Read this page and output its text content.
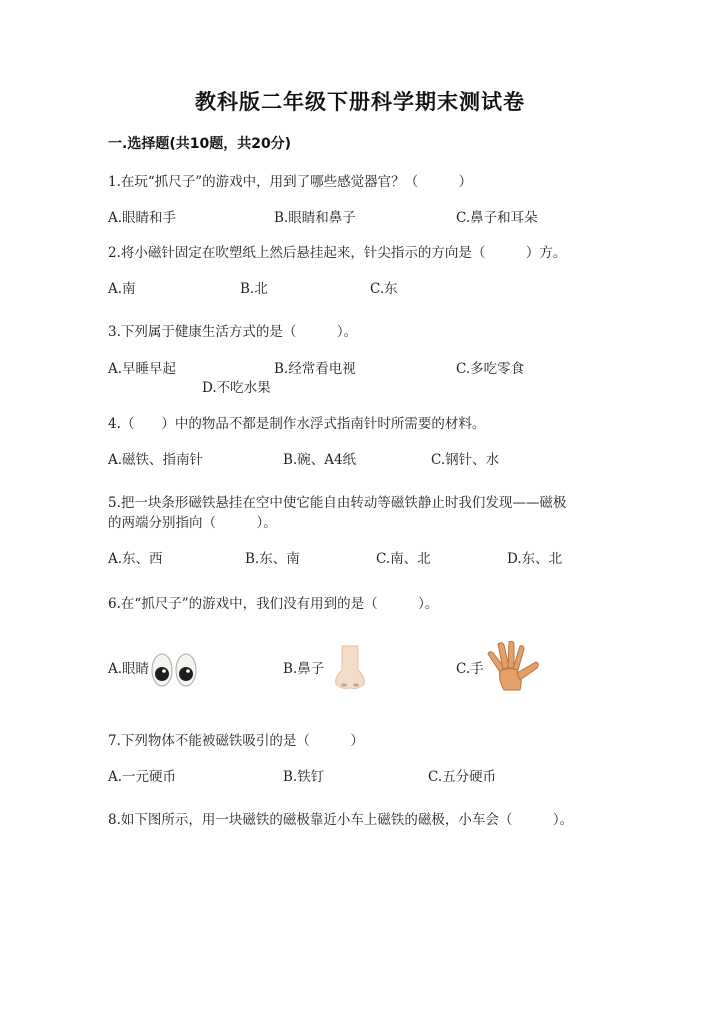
教科版二年级下册科学期末测试卷
一.选择题(共10题，共20分)
1.在玩“抓尺子”的游戏中，用到了哪些感觉器官？（　　　）
A.眼睛和手	B.眼睛和鼻子	C.鼻子和耳朵
2.将小磁针固定在吹塑纸上然后悬挂起来，针尖指示的方向是（　　　）方。
A.南	B.北	C.东
3.下列属于健康生活方式的是（　　　）。
A.早睡早起	B.经常看电视	C.多吃零食
D.不吃水果
4.（　　）中的物品不都是制作水浮式指南针时所需要的材料。
A.磁铁、指南针	B.碗、A4纸	C.钢针、水
5.把一块条形磁铁悬挂在空中使它能自由转动等磁铁静止时我们发现——磁极
的两端分别指向（　　　）。
A.东、西	B.东、南	C.南、北	D.东、北
6.在“抓尺子”的游戏中，我们没有用到的是（　　　）。
A.眼睛	B.鼻子	C.手
7.下列物体不能被磁铁吸引的是（　　　）
A.一元硬币	B.铁钉	C.五分硬币
8.如下图所示，用一块磁铁的磁极靠近小车上磁铁的磁极，小车会（　　　）。
